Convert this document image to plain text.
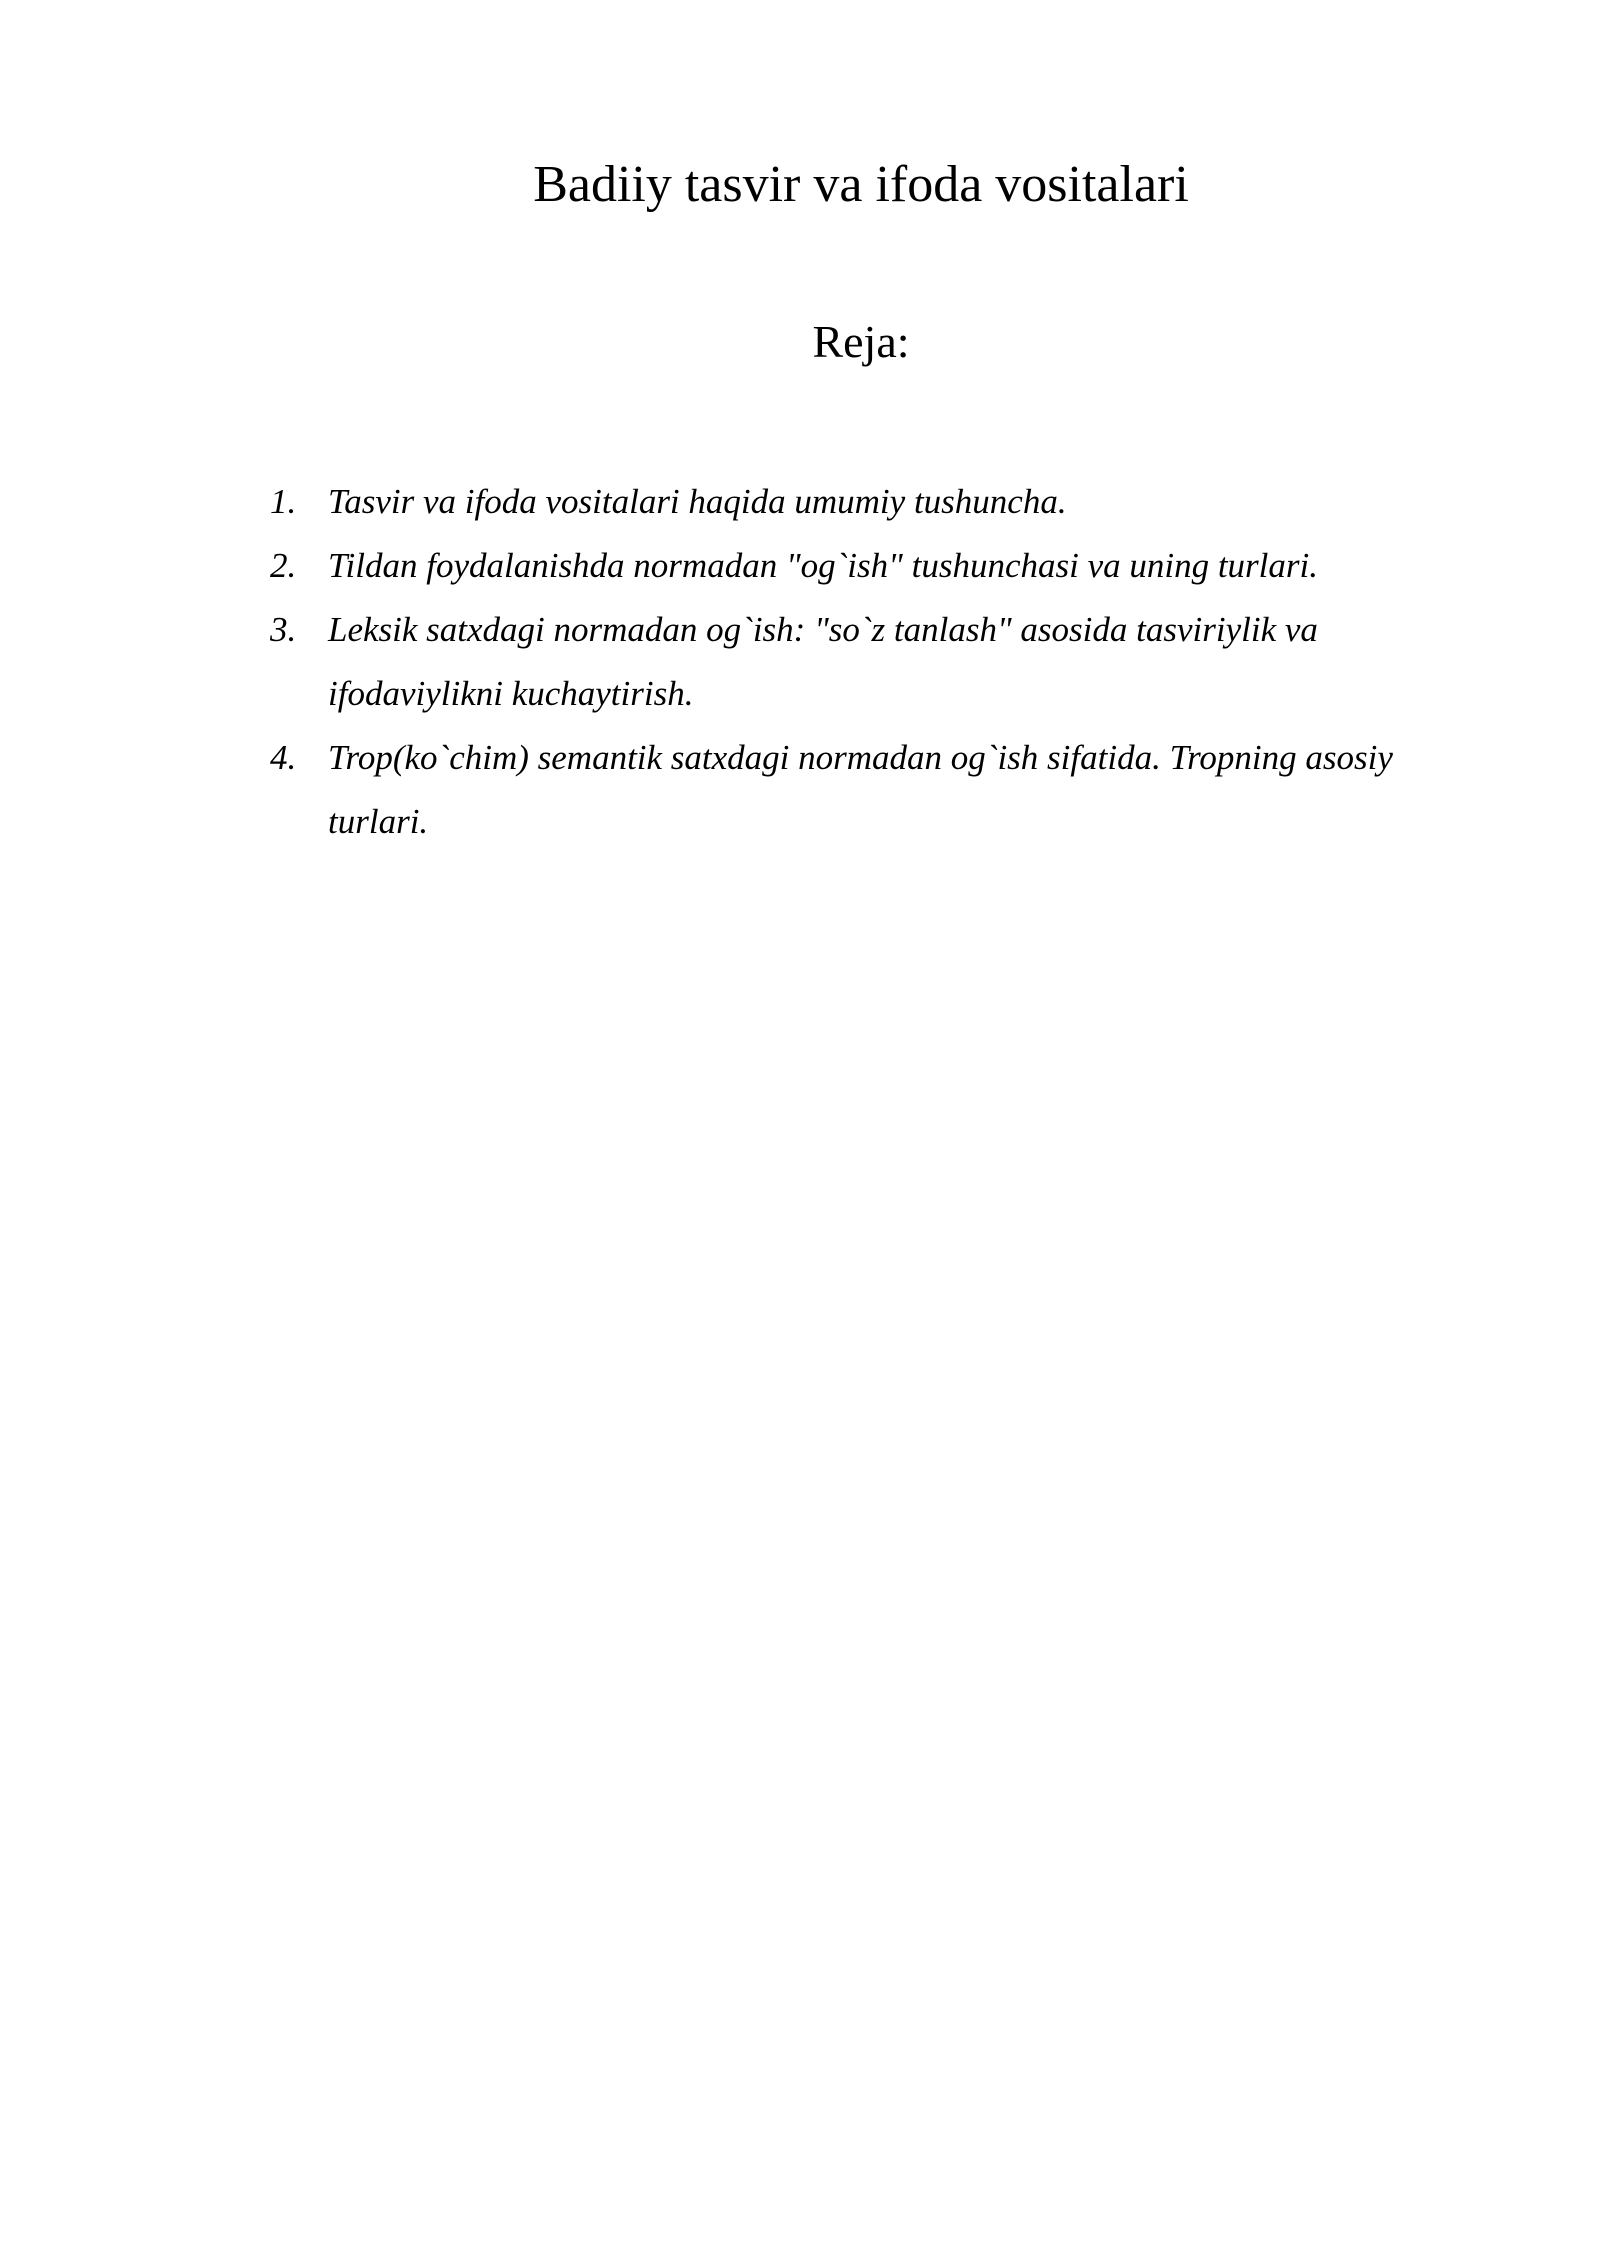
Badiiy tasvir va ifoda vositalari
Reja:
1. Tasvir va ifoda vositalari haqida umumiy tushuncha.
2. Tildan foydalanishda normadan "og`ish" tushunchasi va uning turlari.
3. Leksik satxdagi normadan og`ish: "so`z tanlash" asosida tasviriylik va ifodaviylikni kuchaytirish.
4. Trop(ko`chim) semantik satxdagi normadan og`ish sifatida. Tropning asosiy turlari.
